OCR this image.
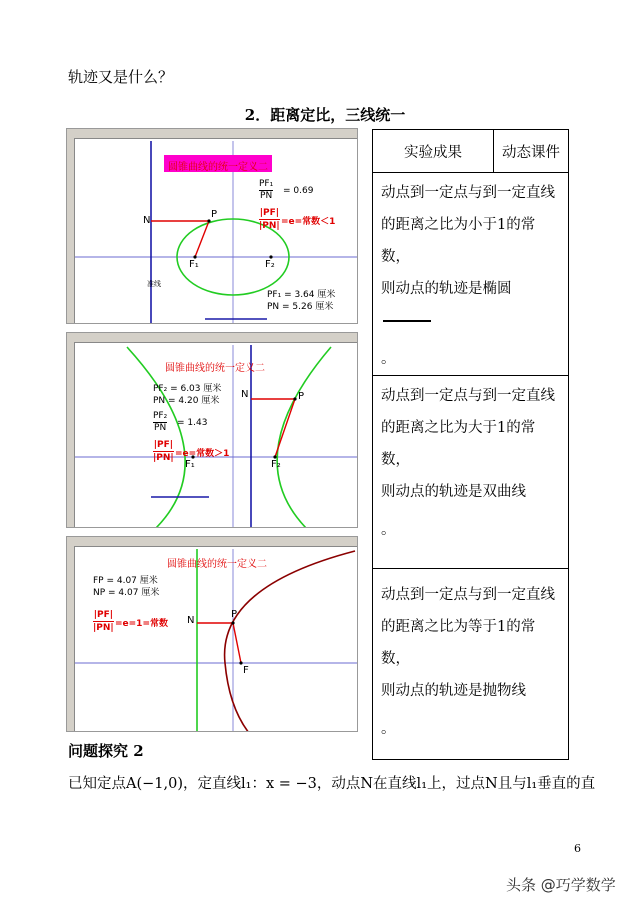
轨迹又是什么？
2．距离定比，三线统一
圆锥曲线的统一定义二
PF₁
PN = 0.69
|PF|
|PN| =e=常数＜1
N
P
F₁	F₂
准线
PF₁ = 3.64 厘米
PN = 5.26 厘米
圆锥曲线的统一定义二
PF₂ = 6.03 厘米
PN = 4.20 厘米
PF₂
PN = 1.43
|PF|
|PN| =e=常数＞1
N	P
F₁	F₂
圆锥曲线的统一定义二
FP = 4.07 厘米
NP = 4.07 厘米
|PF|
|PN| =e=1=常数 N
P
F
实验成果	动态课件

动点到一定点与到一定直线
的距离之比为小于1的常数，
则动点的轨迹是椭圆
。

动点到一定点与到一定直线
的距离之比为大于1的常数，
则动点的轨迹是双曲线
。

动点到一定点与到一定直线
的距离之比为等于1的常数，
则动点的轨迹是抛物线
。
问题探究 2
已知定点A(−1,0)，定直线l₁：x = −3，动点N在直线l₁上，过点N且与l₁垂直的直
6
头条 @巧学数学
